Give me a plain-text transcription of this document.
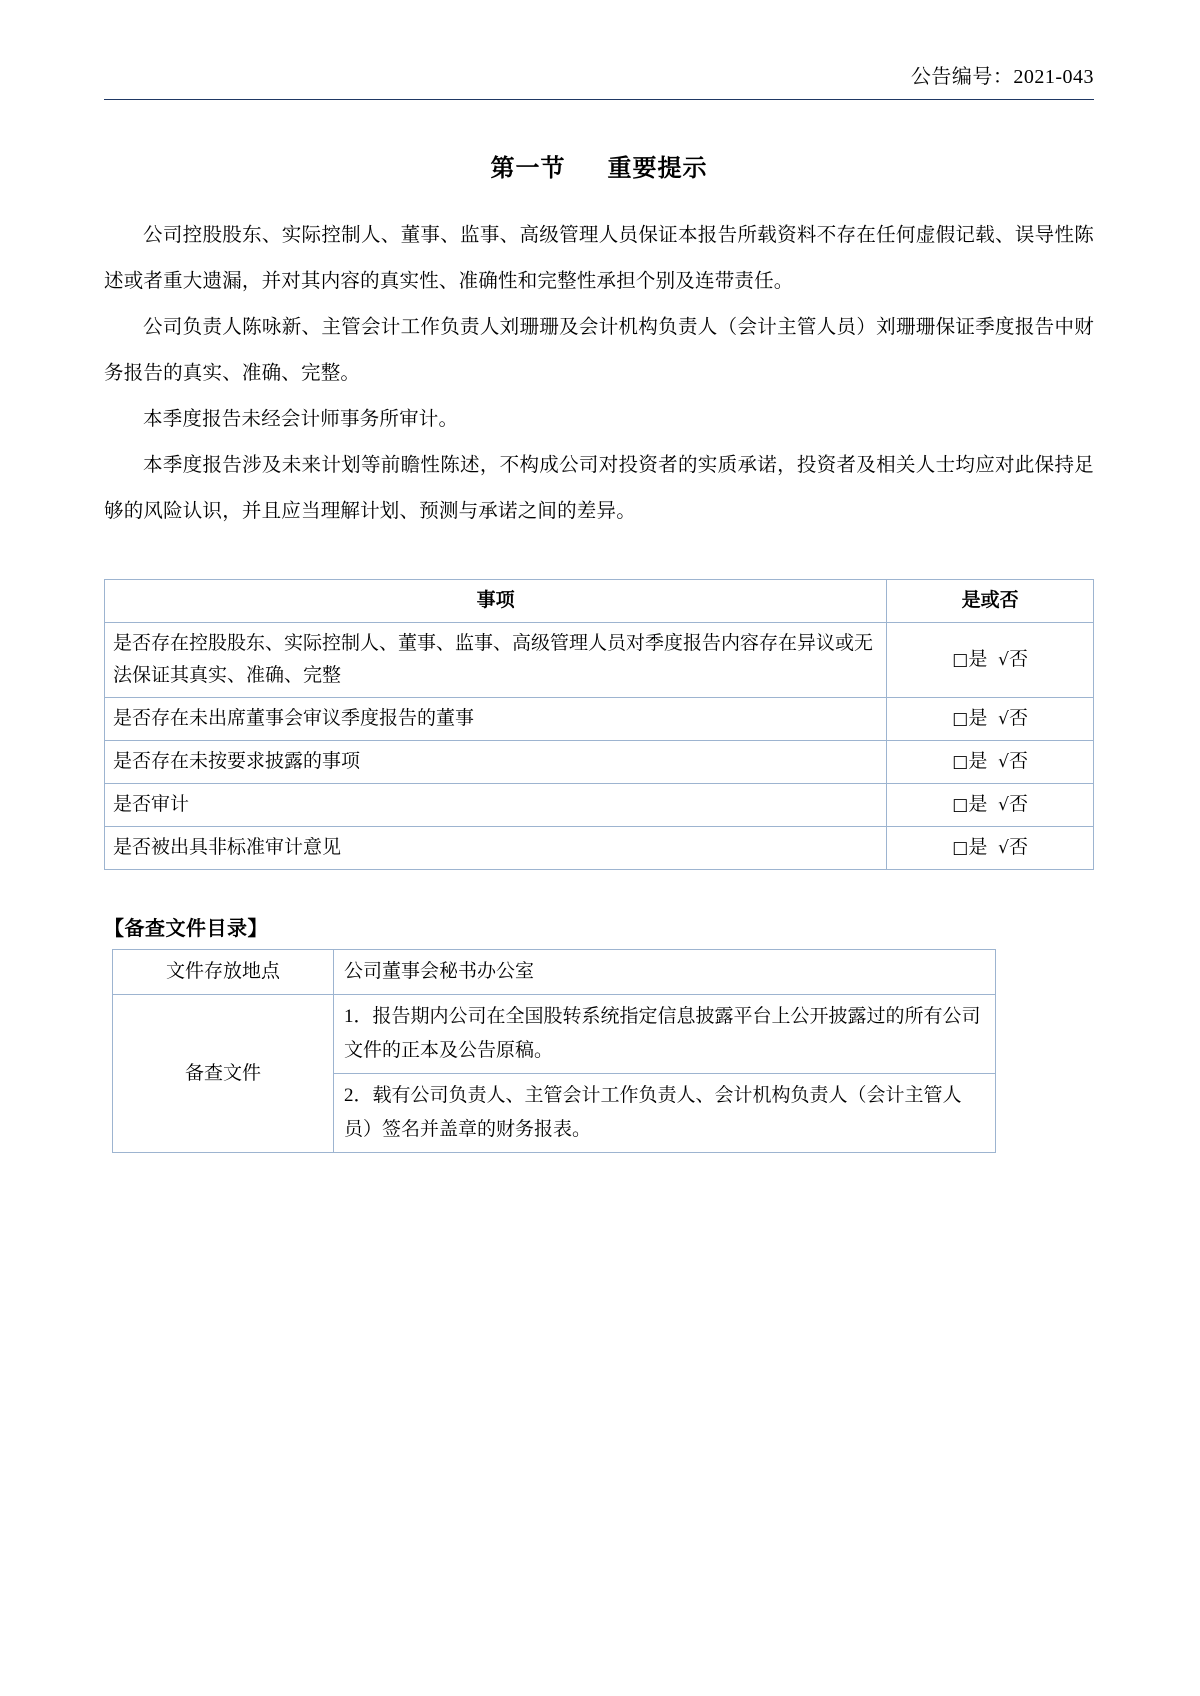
公告编号：2021-043
第一节 重要提示

公司控股股东、实际控制人、董事、监事、高级管理人员保证本报告所载资料不存在任何虚假记载、误导性陈述或者重大遗漏，并对其内容的真实性、准确性和完整性承担个别及连带责任。

公司负责人陈咏新、主管会计工作负责人刘珊珊及会计机构负责人（会计主管人员）刘珊珊保证季度报告中财务报告的真实、准确、完整。

本季度报告未经会计师事务所审计。

本季度报告涉及未来计划等前瞻性陈述，不构成公司对投资者的实质承诺，投资者及相关人士均应对此保持足够的风险认识，并且应当理解计划、预测与承诺之间的差异。

事项	是或否
是否存在控股股东、实际控制人、董事、监事、高级管理人员对季度报告内容存在异议或无法保证其真实、准确、完整	□是 √否
是否存在未出席董事会审议季度报告的董事	□是 √否
是否存在未按要求披露的事项	□是 √否
是否审计	□是 √否
是否被出具非标准审计意见	□是 √否
【备查文件目录】
文件存放地点	公司董事会秘书办公室
备查文件	1．报告期内公司在全国股转系统指定信息披露平台上公开披露过的所有公司文件的正本及公告原稿。
	2．载有公司负责人、主管会计工作负责人、会计机构负责人（会计主管人员）签名并盖章的财务报表。
